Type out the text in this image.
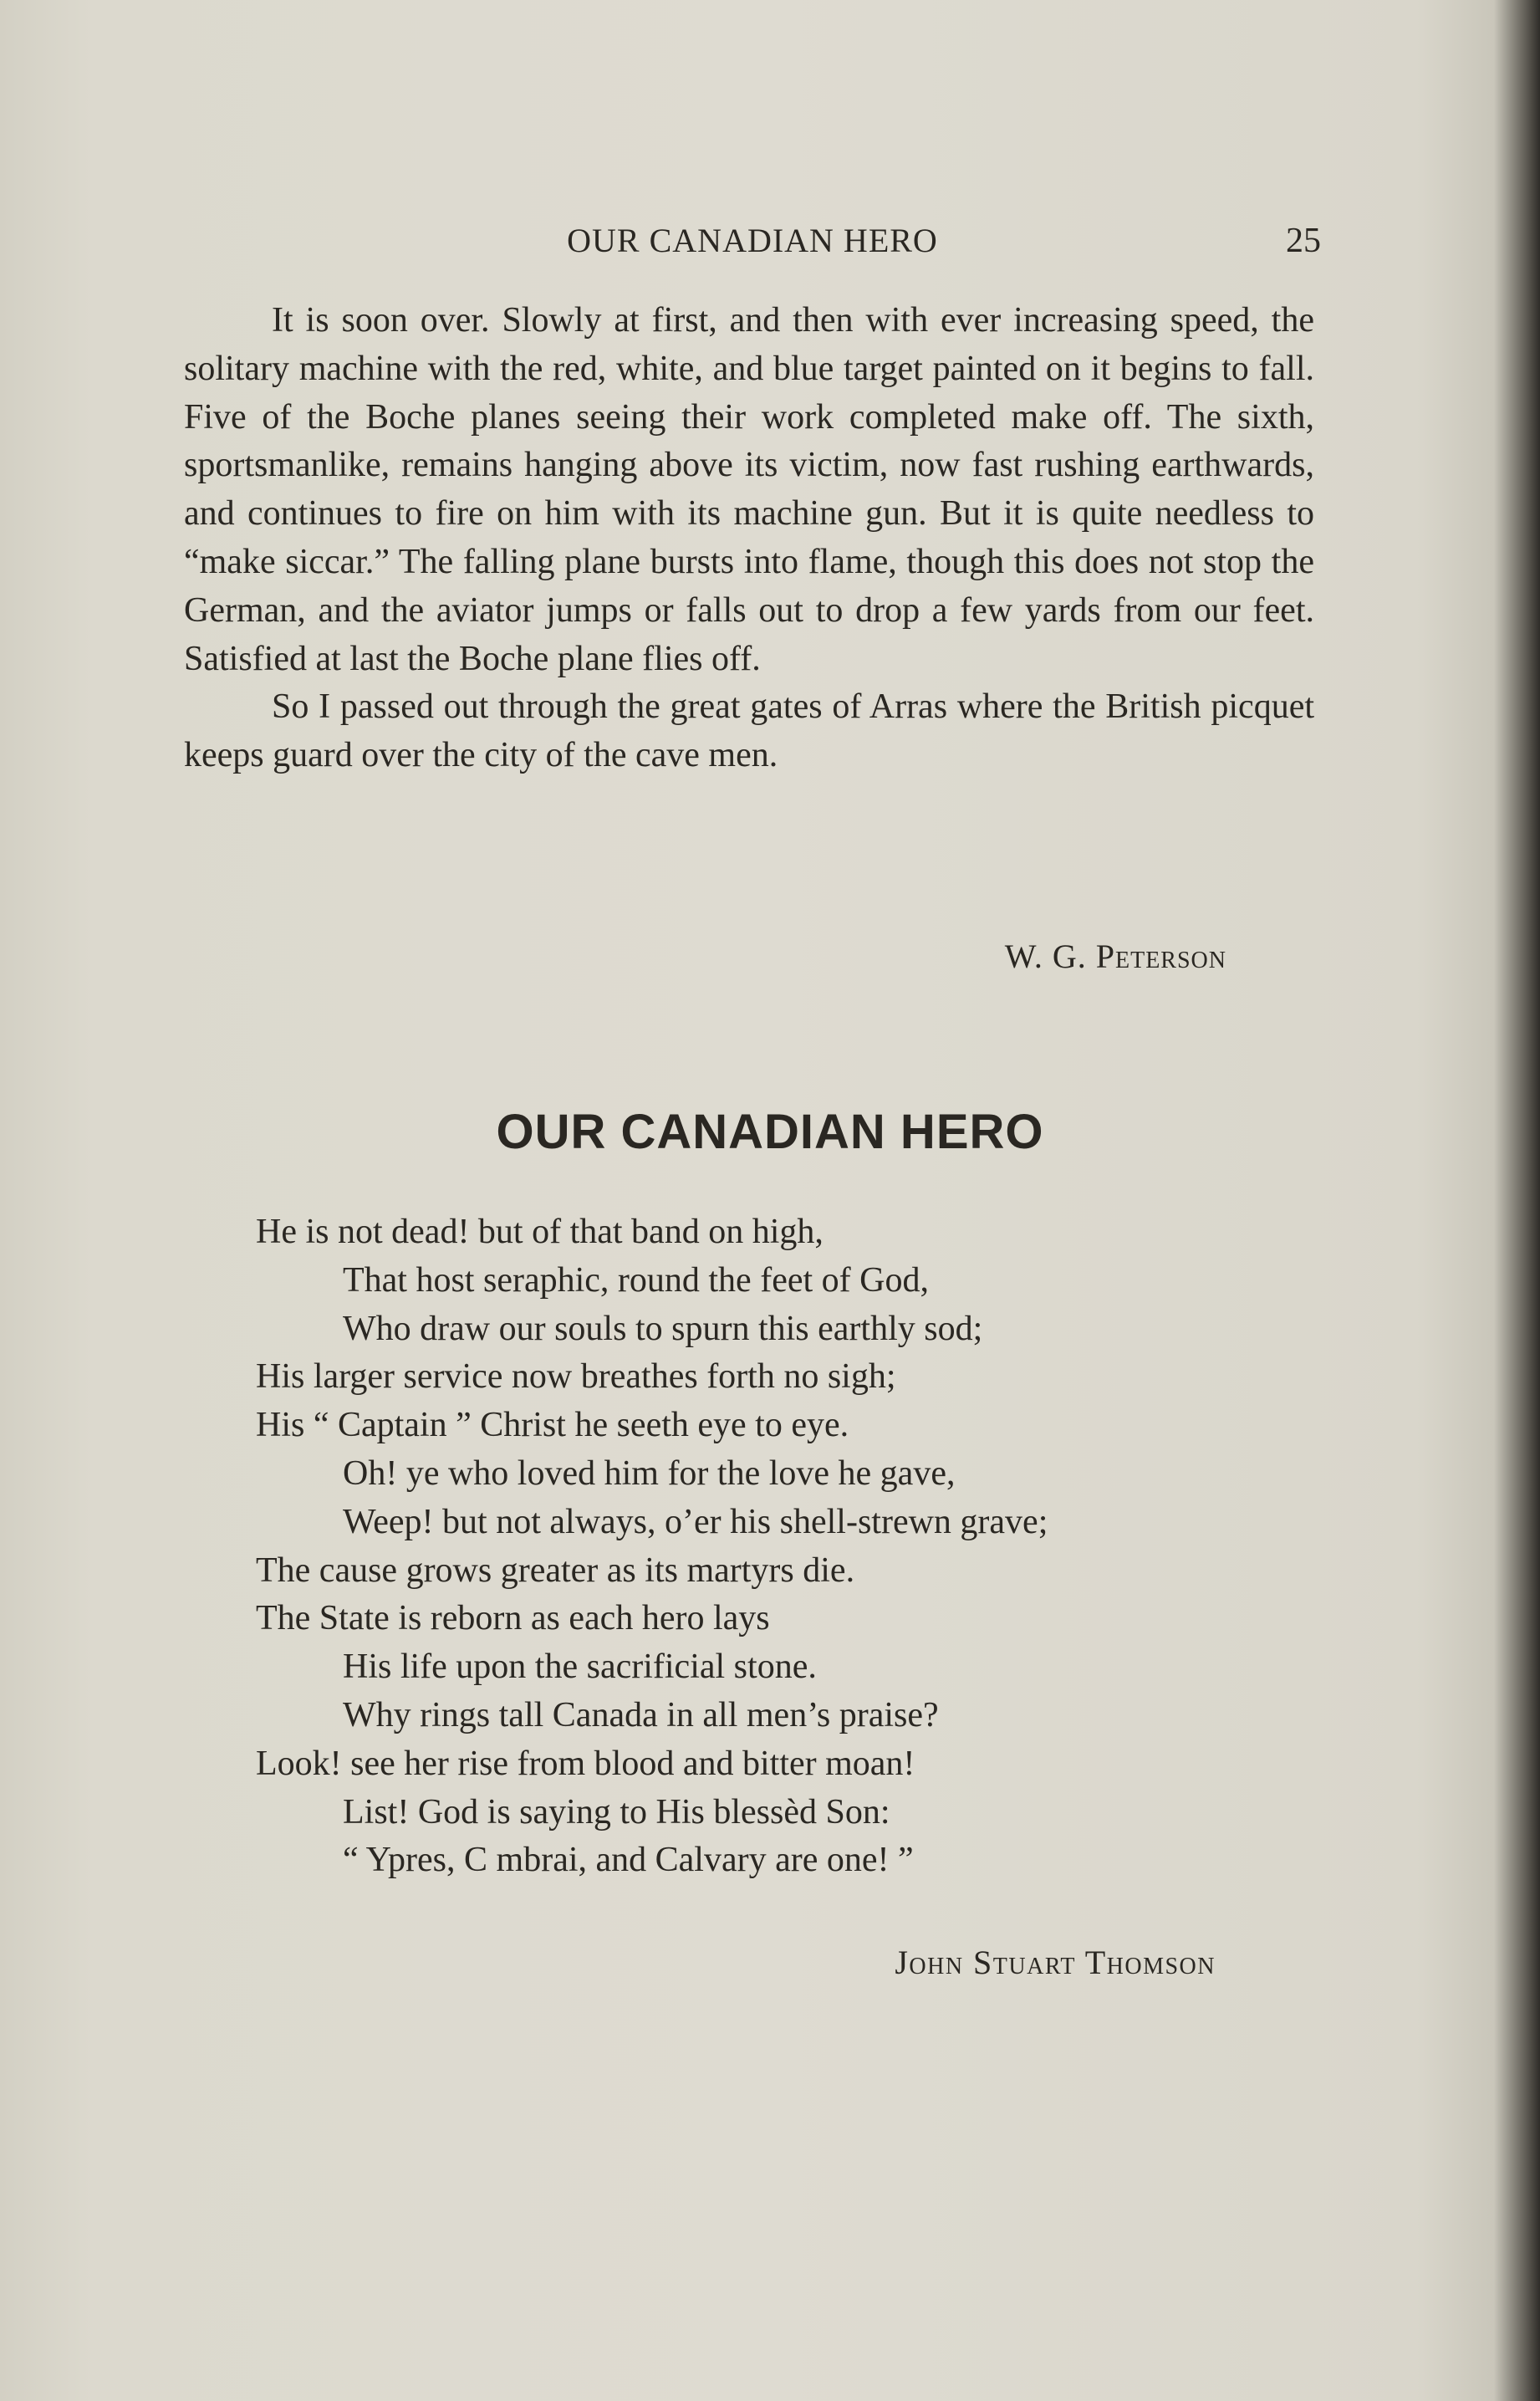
OUR CANADIAN HERO	25

It is soon over. Slowly at first, and then with ever increasing speed, the solitary machine with the red, white, and blue target painted on it begins to fall. Five of the Boche planes seeing their work completed make off. The sixth, sportsmanlike, remains hanging above its victim, now fast rushing earthwards, and continues to fire on him with its machine gun. But it is quite needless to “make siccar.” The falling plane bursts into flame, though this does not stop the German, and the aviator jumps or falls out to drop a few yards from our feet. Satisfied at last the Boche plane flies off.

So I passed out through the great gates of Arras where the British picquet keeps guard over the city of the cave men.

W. G. Peterson
OUR CANADIAN HERO
He is not dead! but of that band on high,
That host seraphic, round the feet of God,
Who draw our souls to spurn this earthly sod;
His larger service now breathes forth no sigh;
His “ Captain ” Christ he seeth eye to eye.
Oh! ye who loved him for the love he gave,
Weep! but not always, o’er his shell-strewn grave;
The cause grows greater as its martyrs die.
The State is reborn as each hero lays
His life upon the sacrificial stone.
Why rings tall Canada in all men’s praise?
Look! see her rise from blood and bitter moan!
List! God is saying to His blessèd Son:
“ Ypres, C mbrai, and Calvary are one! ”
John Stuart Thomson
